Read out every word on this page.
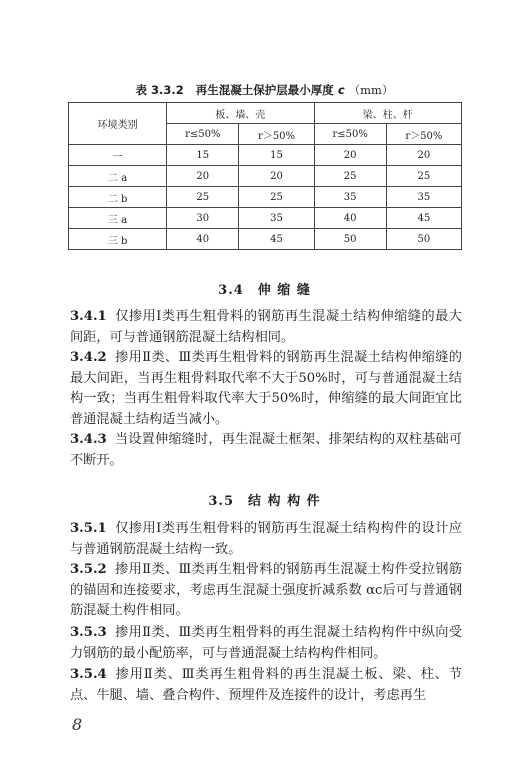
表 3.3.2 再生混凝土保护层最小厚度 c （mm）
环境类别	板、墙、壳		梁、柱、杆	
	r≤50%	r＞50%	r≤50%	r＞50%
一	15	15	20	20
二 a	20	20	25	25
二 b	25	25	35	35
三 a	30	35	40	45
三 b	40	45	50	50
3.4 伸 缩 缝
3.4.1 仅掺用Ⅰ类再生粗骨料的钢筋再生混凝土结构伸缩缝的最大间距，可与普通钢筋混凝土结构相同。
3.4.2 掺用Ⅱ类、Ⅲ类再生粗骨料的钢筋再生混凝土结构伸缩缝的最大间距，当再生粗骨料取代率不大于50%时，可与普通混凝土结构一致；当再生粗骨料取代率大于50%时，伸缩缝的最大间距宜比普通混凝土结构适当减小。
3.4.3 当设置伸缩缝时，再生混凝土框架、排架结构的双柱基础可不断开。
3.5 结 构 构 件
3.5.1 仅掺用Ⅰ类再生粗骨料的钢筋再生混凝土结构构件的设计应与普通钢筋混凝土结构一致。
3.5.2 掺用Ⅱ类、Ⅲ类再生粗骨料的钢筋再生混凝土构件受拉钢筋的锚固和连接要求，考虑再生混凝土强度折减系数 αc后可与普通钢筋混凝土构件相同。
3.5.3 掺用Ⅱ类、Ⅲ类再生粗骨料的再生混凝土结构构件中纵向受力钢筋的最小配筋率，可与普通混凝土结构构件相同。
3.5.4 掺用Ⅱ类、Ⅲ类再生粗骨料的再生混凝土板、梁、柱、节点、牛腿、墙、叠合构件、预埋件及连接件的设计，考虑再生
8
